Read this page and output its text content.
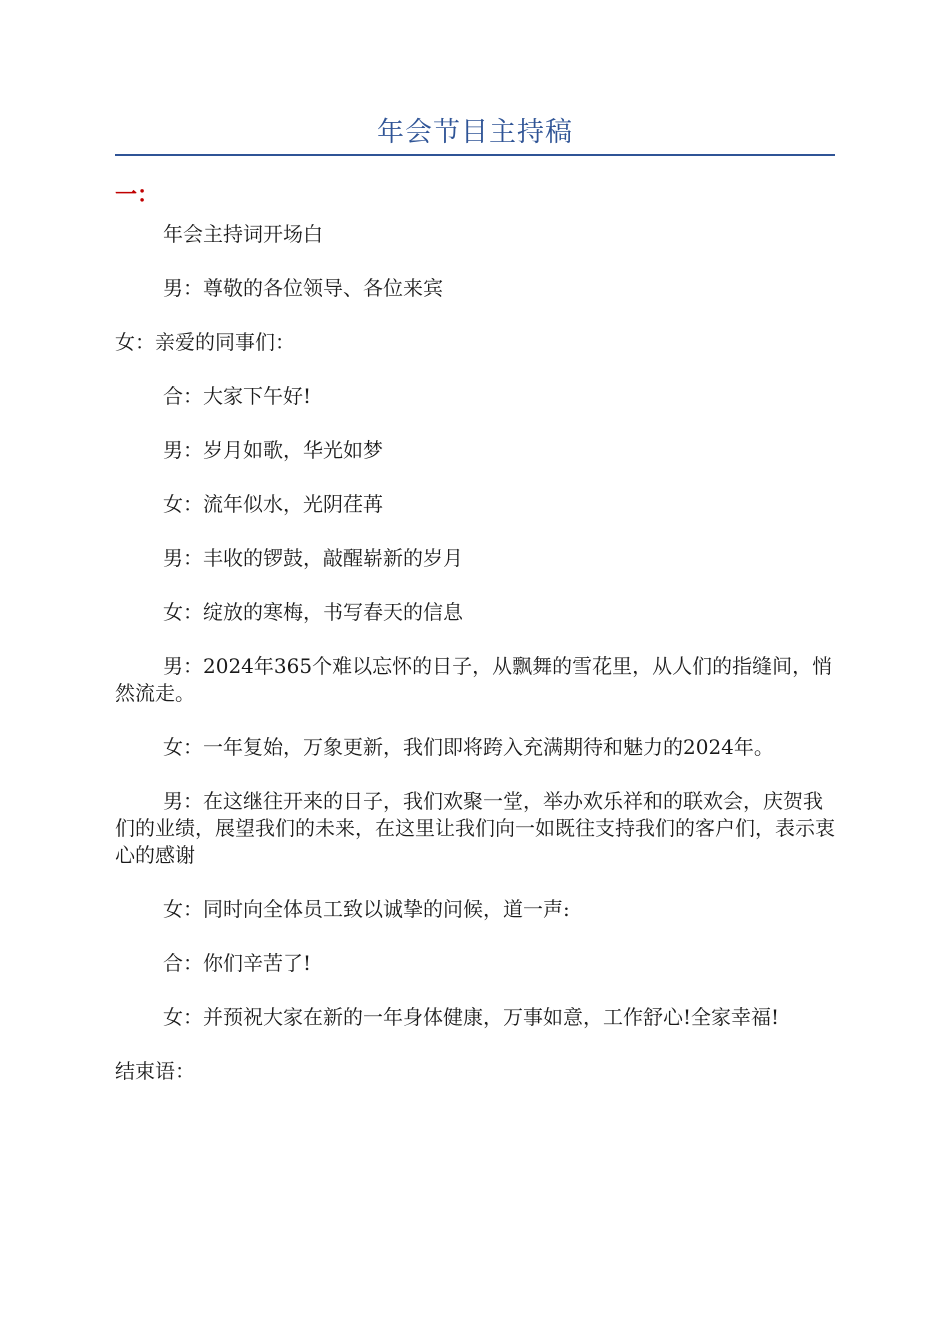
年会节目主持稿
一：

年会主持词开场白

男：尊敬的各位领导、各位来宾

女：亲爱的同事们：

合：大家下午好!

男：岁月如歌，华光如梦

女：流年似水，光阴荏苒

男：丰收的锣鼓，敲醒崭新的岁月

女：绽放的寒梅，书写春天的信息

男：2024年365个难以忘怀的日子，从飘舞的雪花里，从人们的指缝间，悄然流走。

女：一年复始，万象更新，我们即将跨入充满期待和魅力的2024年。

男：在这继往开来的日子，我们欢聚一堂，举办欢乐祥和的联欢会，庆贺我们的业绩，展望我们的未来，在这里让我们向一如既往支持我们的客户们，表示衷心的感谢

女：同时向全体员工致以诚挚的问候，道一声:

合：你们辛苦了!

女：并预祝大家在新的一年身体健康，万事如意，工作舒心!全家幸福!

结束语：
